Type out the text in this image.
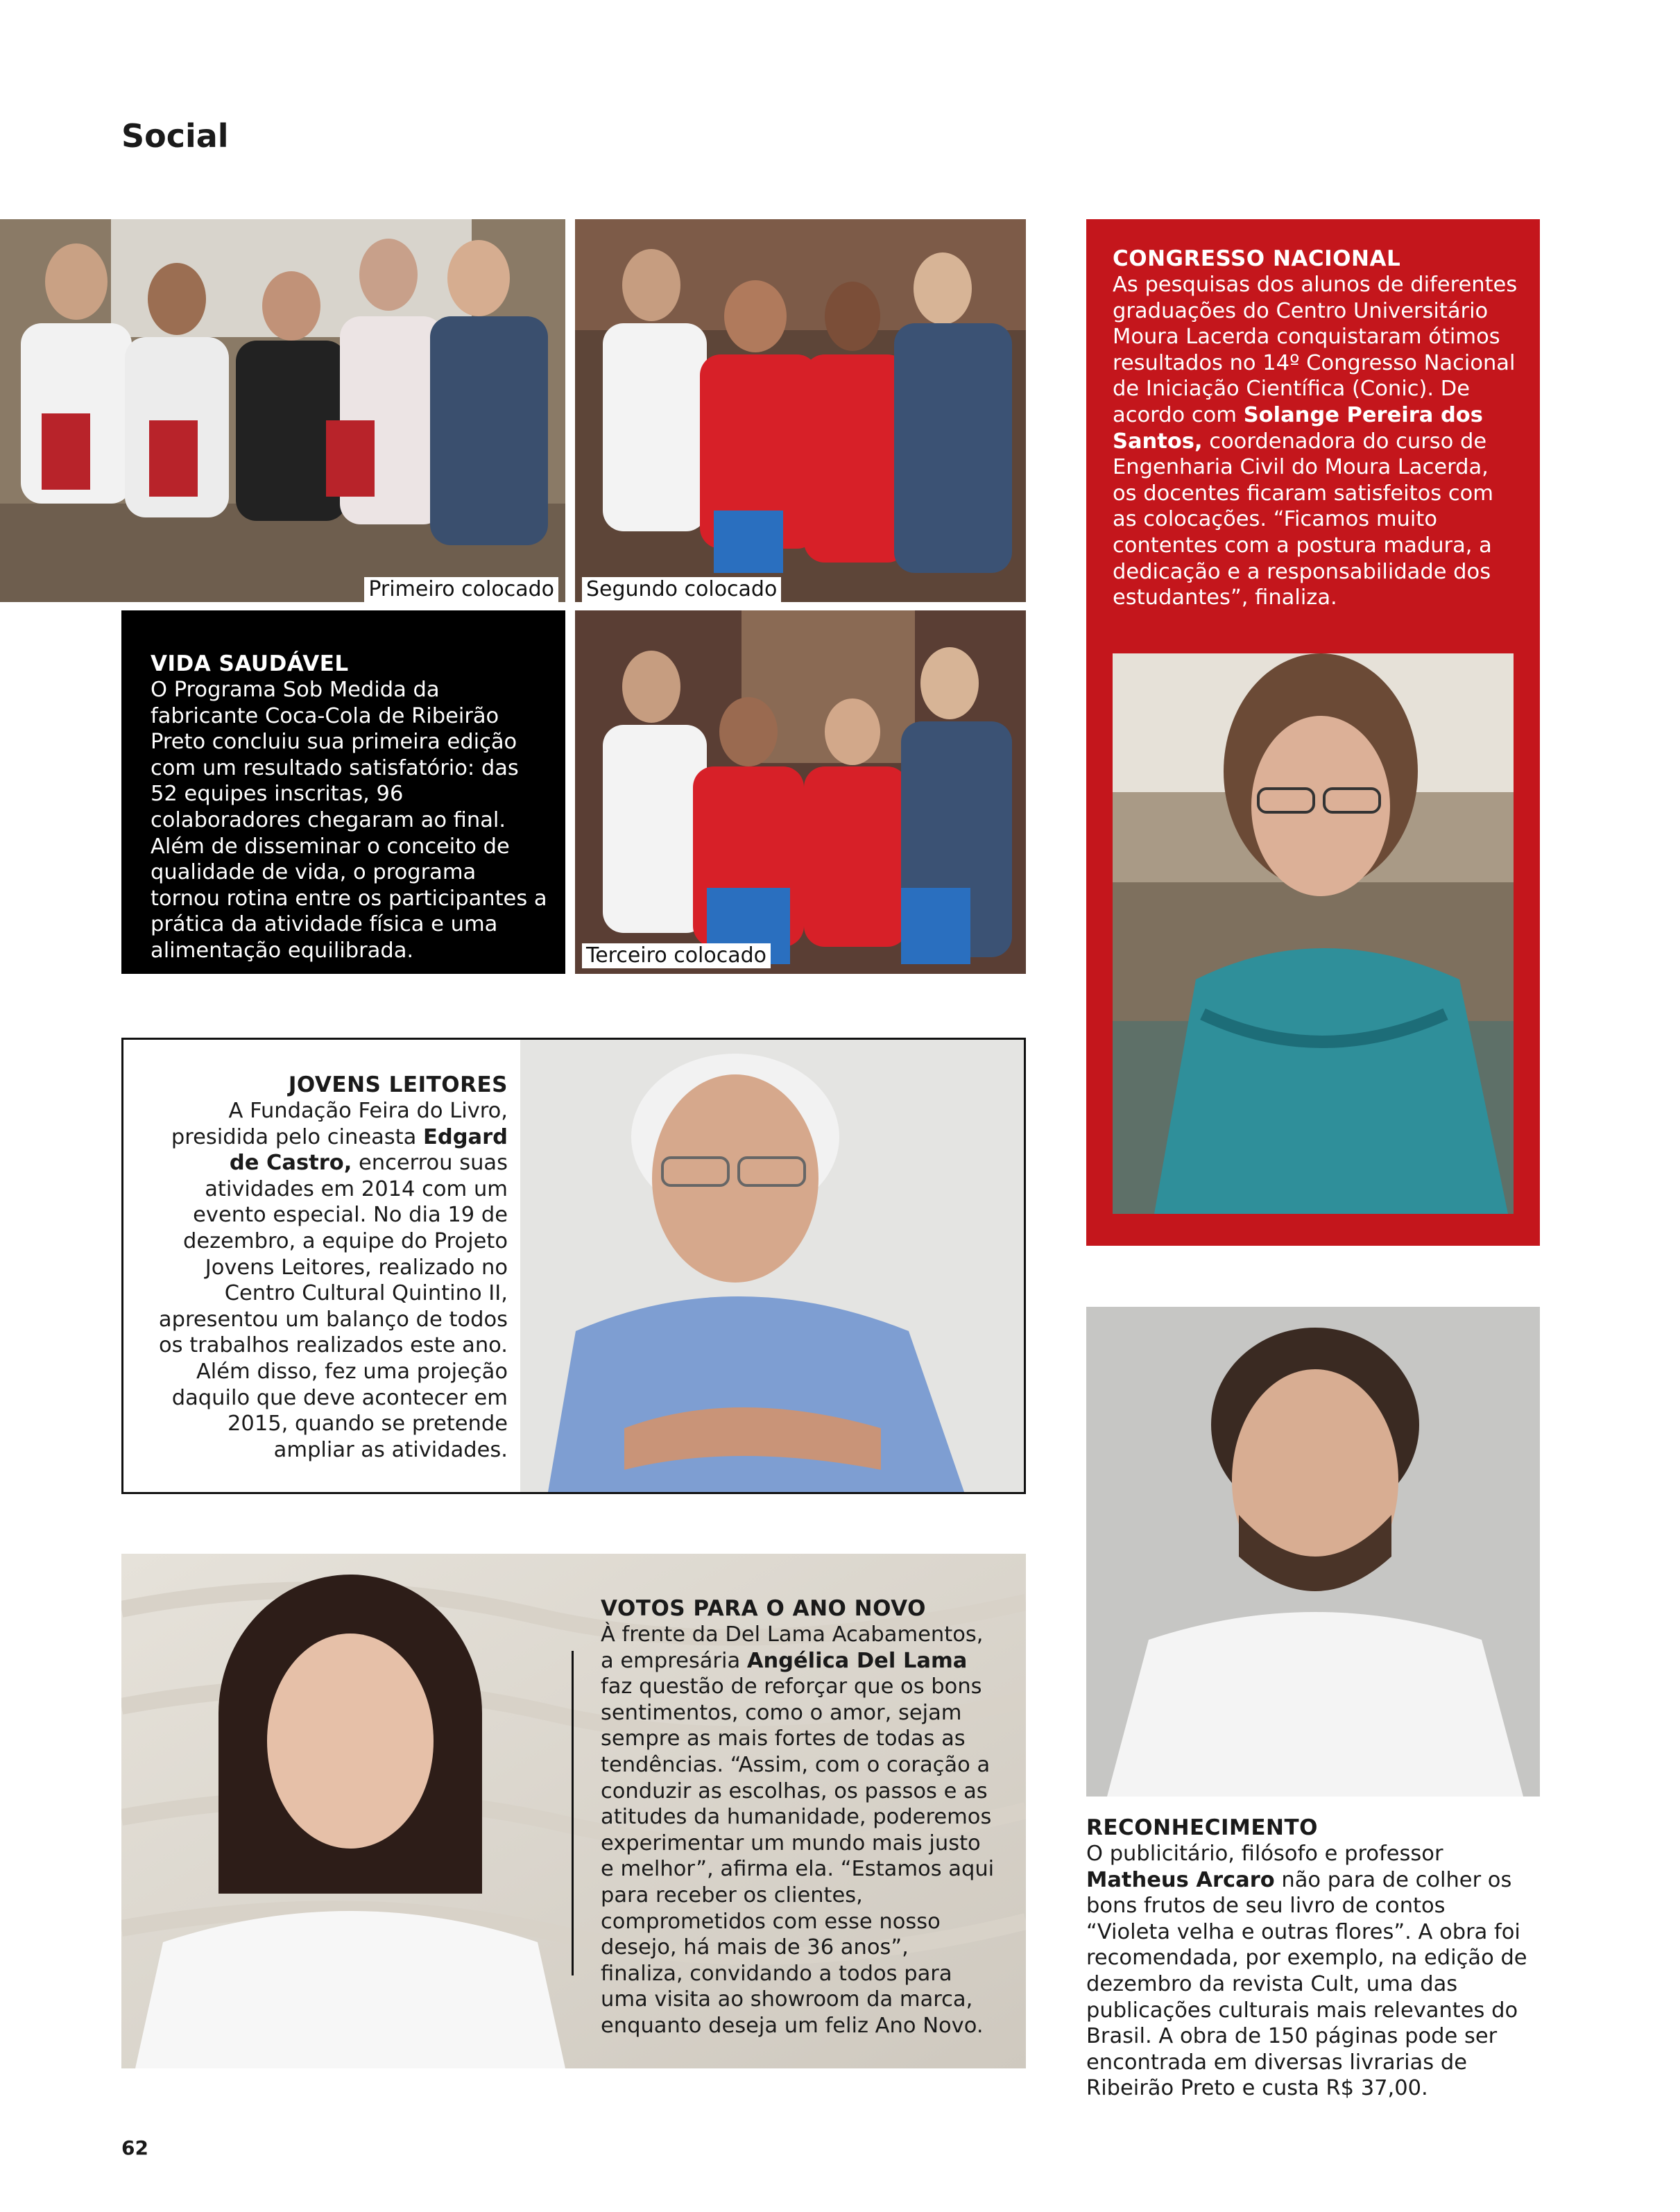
Social
Primeiro colocado Segundo colocado
VIDA SAUDÁVEL
O Programa Sob Medida da fabricante Coca-Cola de Ribeirão Preto concluiu sua primeira edição com um resultado satisfatório: das 52 equipes inscritas, 96 colaboradores chegaram ao final. Além de disseminar o conceito de qualidade de vida, o programa tornou rotina entre os participantes a prática da atividade física e uma alimentação equilibrada.	Terceiro colocado
CONGRESSO NACIONAL
As pesquisas dos alunos de diferentes graduações do Centro Universitário Moura Lacerda conquistaram ótimos resultados no 14º Congresso Nacional de Iniciação Científica (Conic). De acordo com Solange Pereira dos Santos, coordenadora do curso de Engenharia Civil do Moura Lacerda, os docentes ficaram satisfeitos com as colocações. “Ficamos muito contentes com a postura madura, a dedicação e a responsabilidade dos estudantes”, finaliza.
JOVENS LEITORES
A Fundação Feira do Livro, presidida pelo cineasta Edgard de Castro, encerrou suas atividades em 2014 com um evento especial. No dia 19 de dezembro, a equipe do Projeto Jovens Leitores, realizado no Centro Cultural Quintino II, apresentou um balanço de todos os trabalhos realizados este ano. Além disso, fez uma projeção daquilo que deve acontecer em 2015, quando se pretende ampliar as atividades.
RECONHECIMENTO
O publicitário, filósofo e professor Matheus Arcaro não para de colher os bons frutos de seu livro de contos “Violeta velha e outras flores”. A obra foi recomendada, por exemplo, na edição de dezembro da revista Cult, uma das publicações culturais mais relevantes do Brasil. A obra de 150 páginas pode ser encontrada em diversas livrarias de Ribeirão Preto e custa R$ 37,00.
VOTOS PARA O ANO NOVO
À frente da Del Lama Acabamentos, a empresária Angélica Del Lama faz questão de reforçar que os bons sentimentos, como o amor, sejam sempre as mais fortes de todas as tendências. “Assim, com o coração a conduzir as escolhas, os passos e as atitudes da humanidade, poderemos experimentar um mundo mais justo e melhor”, afirma ela. “Estamos aqui para receber os clientes, comprometidos com esse nosso desejo, há mais de 36 anos”, finaliza, convidando a todos para uma visita ao showroom da marca, enquanto deseja um feliz Ano Novo.
62
